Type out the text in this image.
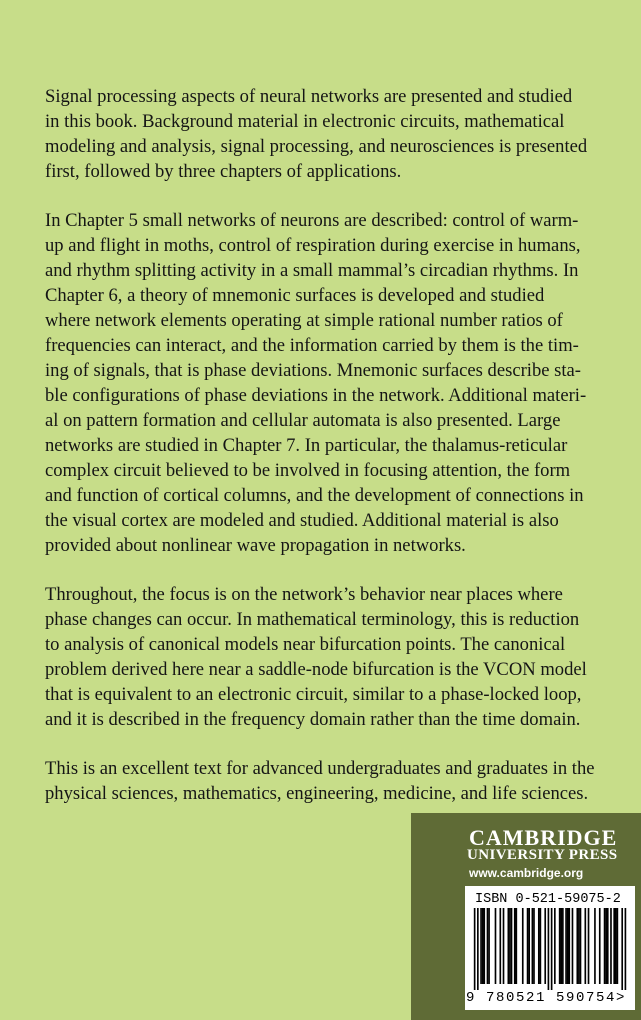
Signal processing aspects of neural networks are presented and studied
in this book. Background material in electronic circuits, mathematical
modeling and analysis, signal processing, and neurosciences is presented
first, followed by three chapters of applications.

In Chapter 5 small networks of neurons are described: control of warm-
up and flight in moths, control of respiration during exercise in humans,
and rhythm splitting activity in a small mammal’s circadian rhythms. In
Chapter 6, a theory of mnemonic surfaces is developed and studied
where network elements operating at simple rational number ratios of
frequencies can interact, and the information carried by them is the tim-
ing of signals, that is phase deviations. Mnemonic surfaces describe sta-
ble configurations of phase deviations in the network. Additional materi-
al on pattern formation and cellular automata is also presented. Large
networks are studied in Chapter 7. In particular, the thalamus-reticular
complex circuit believed to be involved in focusing attention, the form
and function of cortical columns, and the development of connections in
the visual cortex are modeled and studied. Additional material is also
provided about nonlinear wave propagation in networks.

Throughout, the focus is on the network’s behavior near places where
phase changes can occur. In mathematical terminology, this is reduction
to analysis of canonical models near bifurcation points. The canonical
problem derived here near a saddle-node bifurcation is the VCON model
that is equivalent to an electronic circuit, similar to a phase-locked loop,
and it is described in the frequency domain rather than the time domain.

This is an excellent text for advanced undergraduates and graduates in the
physical sciences, mathematics, engineering, medicine, and life sciences.

CAMBRIDGE
UNIVERSITY PRESS
www.cambridge.org
ISBN 0-521-59075-2
9 780521 590754>
